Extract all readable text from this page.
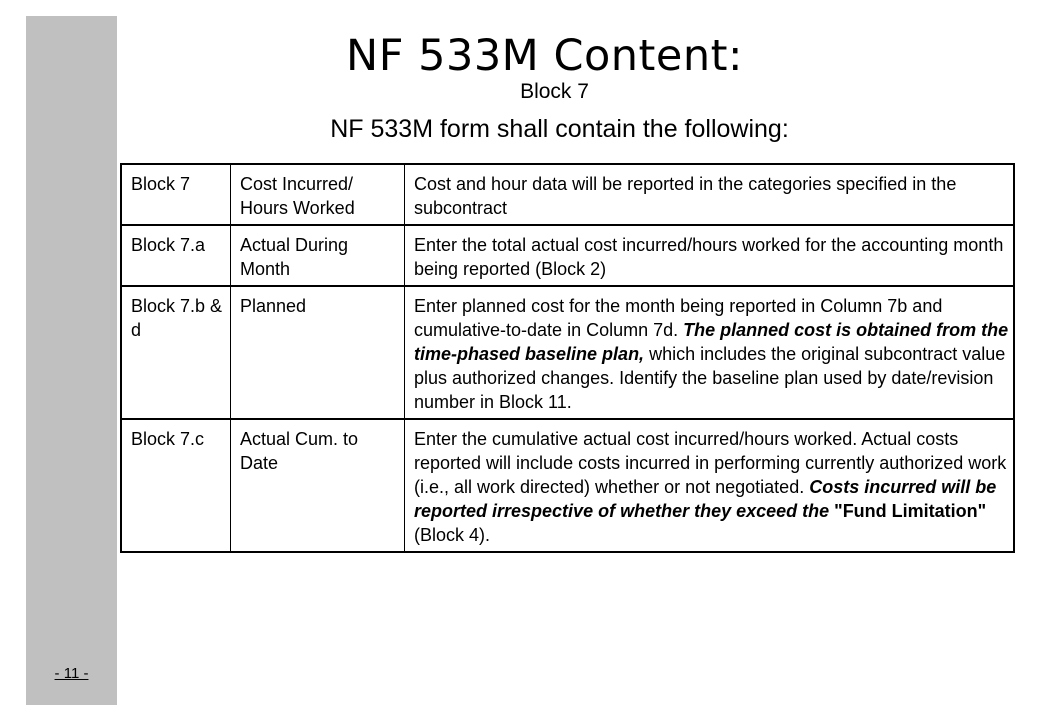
- 11 -
NF 533M Content:
Block 7
NF 533M form shall contain the following:
Block 7	Cost Incurred/ Hours Worked	Cost and hour data will be reported in the categories specified in the subcontract
Block 7.a	Actual During Month	Enter the total actual cost incurred/hours worked for the accounting month being reported (Block 2)
Block 7.b & d	Planned	Enter planned cost for the month being reported in Column 7b and cumulative-to-date in Column 7d. The planned cost is obtained from the time-phased baseline plan, which includes the original subcontract value plus authorized changes. Identify the baseline plan used by date/revision number in Block 11.
Block 7.c	Actual Cum. to Date	Enter the cumulative actual cost incurred/hours worked. Actual costs reported will include costs incurred in performing currently authorized work (i.e., all work directed) whether or not negotiated. Costs incurred will be reported irrespective of whether they exceed the "Fund Limitation" (Block 4).
